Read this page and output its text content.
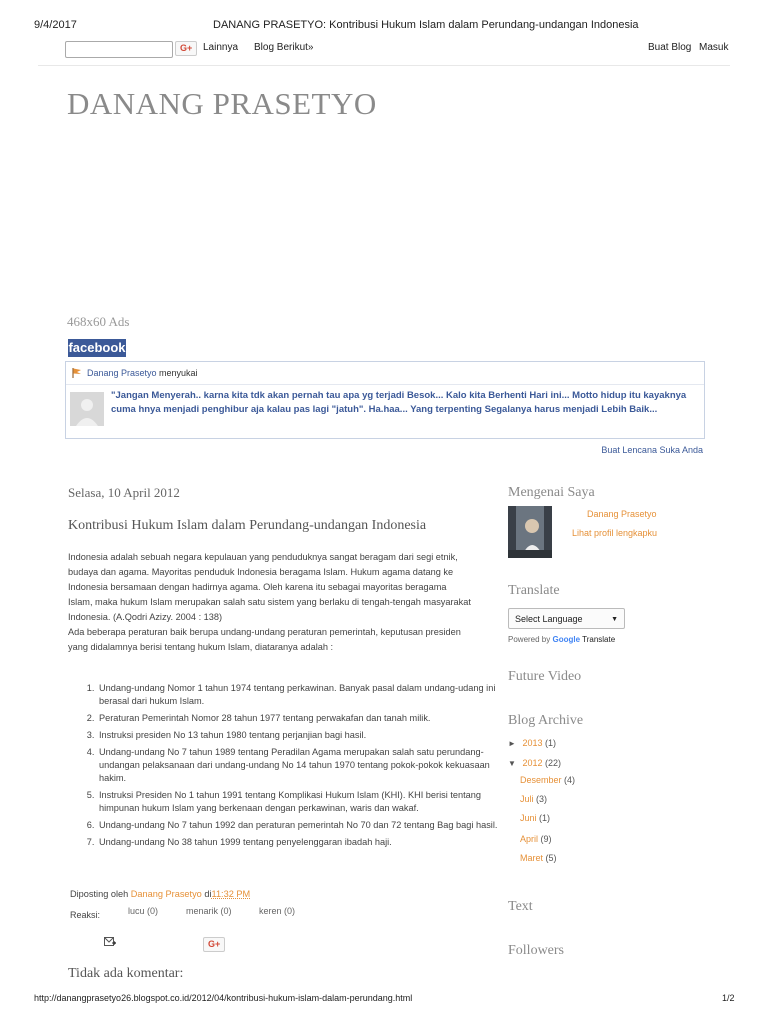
9/4/2017	DANANG PRASETYO: Kontribusi Hukum Islam dalam Perundang-undangan Indonesia
G+	Lainnya Blog Berikut»	Buat Blog Masuk
DANANG PRASETYO
468x60 Ads
facebook
Danang Prasetyo menyukai
"Jangan Menyerah.. karna kita tdk akan pernah tau apa yg terjadi Besok... Kalo kita Berhenti Hari ini... Motto hidup itu kayaknya cuma hnya menjadi penghibur aja kalau pas lagi "jatuh". Ha.haa... Yang terpenting Segalanya harus menjadi Lebih Baik...
Buat Lencana Suka Anda
Selasa, 10 April 2012
Kontribusi Hukum Islam dalam Perundang-undangan Indonesia

Indonesia adalah sebuah negara kepulauan yang penduduknya sangat beragam dari segi etnik, budaya dan agama. Mayoritas penduduk Indonesia beragama Islam. Hukum agama datang ke Indonesia bersamaan dengan hadirnya agama. Oleh karena itu sebagai mayoritas beragama Islam, maka hukum Islam merupakan salah satu sistem yang berlaku di tengah-tengah masyarakat Indonesia. (A.Qodri Azizy. 2004 : 138)

Ada beberapa peraturan baik berupa undang-undang peraturan pemerintah, keputusan presiden yang didalamnya berisi tentang hukum Islam, diataranya adalah :

1. Undang-undang Nomor 1 tahun 1974 tentang perkawinan. Banyak pasal dalam undang-udang ini berasal dari hukum Islam.
2. Peraturan Pemerintah Nomor 28 tahun 1977 tentang perwakafan dan tanah milik.
3. Instruksi presiden No 13 tahun 1980 tentang perjanjian bagi hasil.
4. Undang-undang No 7 tahun 1989 tentang Peradilan Agama merupakan salah satu perundang-undangan pelaksanaan dari undang-undang No 14 tahun 1970 tentang pokok-pokok kekuasaan hakim.
5. Instruksi Presiden No 1 tahun 1991 tentang Komplikasi Hukum Islam (KHI). KHI berisi tentang himpunan hukum Islam yang berkenaan dengan perkawinan, waris dan wakaf.
6. Undang-undang No 7 tahun 1992 dan peraturan pemerintah No 70 dan 72 tentang Bag bagi hasil.
7. Undang-undang No 38 tahun 1999 tentang penyelenggaran ibadah haji.
Diposting oleh Danang Prasetyo di11:32 PM
Reaksi:	lucu (0)	menarik (0)	keren (0)
G+
Tidak ada komentar:
Mengenai Saya
Danang Prasetyo
Lihat profil lengkapku
Translate
Select Language	▼
Powered by Google Translate
Future Video
Blog Archive
► 2013 (1)
▼ 2012 (22)
Desember (4)
Juli (3)
Juni (1)
April (9)
Maret (5)
Text
Followers
http://danangprasetyo26.blogspot.co.id/2012/04/kontribusi-hukum-islam-dalam-perundang.html	1/2
